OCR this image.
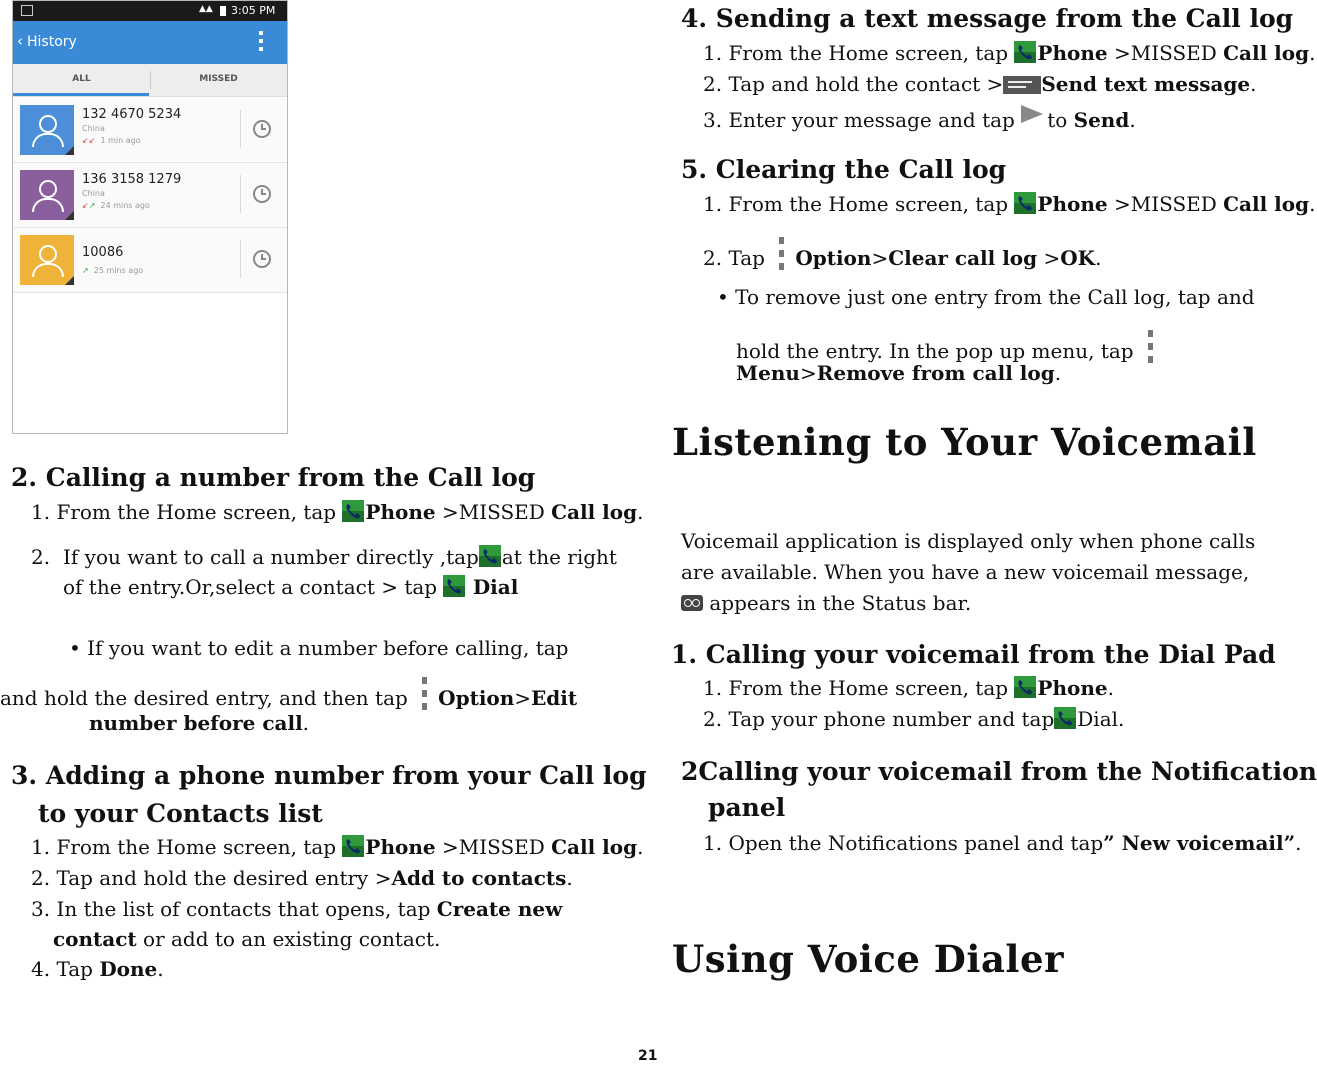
▲▲ 3:05 PM
‹ History
ALL	MISSED
132 4670 5234
China
↙↙ 1 min ago
136 3158 1279
China
↙↗ 24 mins ago
10086
↗ 25 mins ago
2. Calling a number from the Call log
1. From the Home screen, tap Phone >MISSED Call log.
2. If you want to call a number directly ,tap at the right
of the entry.Or,select a contact > tap  Dial
• If you want to edit a number before calling, tap
and hold the desired entry, and then tap
Option>Edit
number before call.
3. Adding a phone number from your Call log
to your Contacts list
1. From the Home screen, tap Phone >MISSED Call log.
2. Tap and hold the desired entry >Add to contacts.
3. In the list of contacts that opens, tap Create new
contact or add to an existing contact.
4. Tap Done.
4. Sending a text message from the Call log
1. From the Home screen, tap Phone >MISSED Call log.
2. Tap and hold the contact > Send text message.
3. Enter your message and tap to Send.
5. Clearing the Call log
1. From the Home screen, tap Phone >MISSED Call log.
2. Tap
Option>Clear call log >OK.
• To remove just one entry from the Call log, tap and
hold the entry. In the pop up menu, tap
Menu>Remove from call log.
Listening to Your Voicemail
Voicemail application is displayed only when phone calls
are available. When you have a new voicemail message,
appears in the Status bar.
1. Calling your voicemail from the Dial Pad
1. From the Home screen, tap Phone.
2. Tap your phone number and tap Dial.
2Calling your voicemail from the Notification
panel
1. Open the Notifications panel and tap” New voicemail”.
Using Voice Dialer
21
